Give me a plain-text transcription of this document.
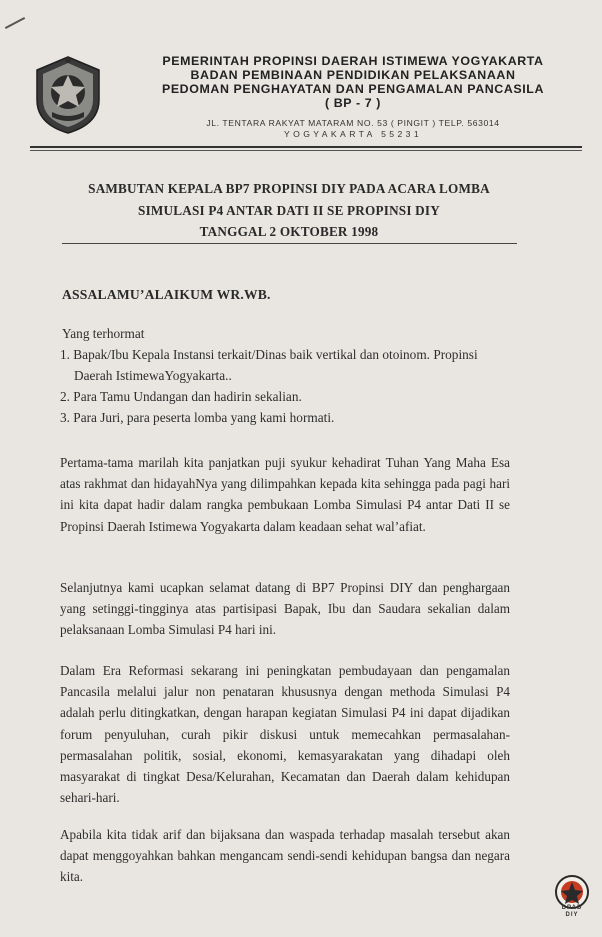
PEMERINTAH PROPINSI DAERAH ISTIMEWA YOGYAKARTA
BADAN PEMBINAAN PENDIDIKAN PELAKSANAAN
PEDOMAN PENGHAYATAN DAN PENGAMALAN PANCASILA
( BP - 7 )
JL. TENTARA RAKYAT MATARAM NO. 53 ( PINGIT ) TELP. 563014
YOGYAKARTA 55231
SAMBUTAN KEPALA BP7 PROPINSI DIY PADA ACARA LOMBA
SIMULASI P4 ANTAR DATI II SE PROPINSI DIY
TANGGAL 2 OKTOBER 1998
ASSALAMU’ALAIKUM WR.WB.
Yang terhormat
1. Bapak/Ibu Kepala Instansi terkait/Dinas baik vertikal dan otoinom. Propinsi
Daerah IstimewaYogyakarta..
2. Para Tamu Undangan dan hadirin sekalian.
3. Para Juri, para peserta lomba yang kami hormati.
Pertama-tama marilah kita panjatkan puji syukur kehadirat Tuhan Yang Maha Esa atas rakhmat dan hidayahNya yang dilimpahkan kepada kita sehingga pada pagi hari ini kita dapat hadir dalam rangka pembukaan Lomba Simulasi P4 antar Dati II se Propinsi Daerah Istimewa Yogyakarta dalam keadaan sehat wal’afiat.
Selanjutnya kami ucapkan selamat datang di BP7 Propinsi DIY dan penghargaan yang setinggi-tingginya atas partisipasi Bapak, Ibu dan Saudara sekalian dalam pelaksanaan Lomba Simulasi P4 hari ini.
Dalam Era Reformasi sekarang ini peningkatan pembudayaan dan pengamalan Pancasila melalui jalur non penataran khususnya dengan methoda Simulasi P4 adalah perlu ditingkatkan, dengan harapan kegiatan Simulasi P4 ini dapat dijadikan forum penyuluhan, curah pikir diskusi untuk memecahkan permasalahan-permasalahan politik, sosial, ekonomi, kemasyarakatan yang dihadapi oleh masyarakat di tingkat Desa/Kelurahan, Kecamatan dan Daerah dalam kehidupan sehari-hari.
Apabila kita tidak arif dan bijaksana dan waspada terhadap masalah tersebut akan dapat menggoyahkan bahkan mengancam sendi-sendi kehidupan bangsa dan negara kita.
DPAD
DIY
